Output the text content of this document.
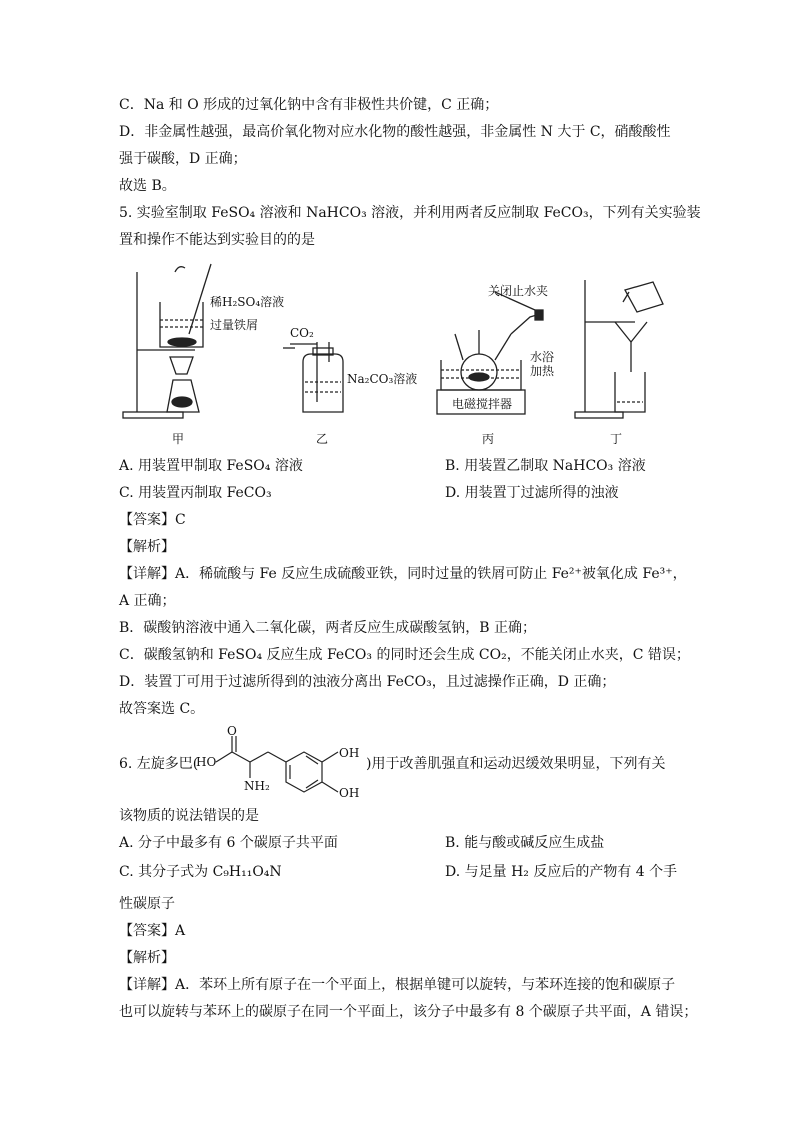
C．Na 和 O 形成的过氧化钠中含有非极性共价键，C 正确；
D．非金属性越强，最高价氧化物对应水化物的酸性越强，非金属性 N 大于 C，硝酸酸性
强于碳酸，D 正确；
故选 B。
5. 实验室制取 FeSO₄ 溶液和 NaHCO₃ 溶液，并利用两者反应制取 FeCO₃，下列有关实验装
置和操作不能达到实验目的的是
稀H₂SO₄溶液
过量铁屑
CO₂
Na₂CO₃溶液
关闭止水夹
水浴
加热
电磁搅拌器
甲	乙	丙	丁
A. 用装置甲制取 FeSO₄ 溶液	B. 用装置乙制取 NaHCO₃ 溶液
C. 用装置丙制取 FeCO₃	D. 用装置丁过滤所得的浊液
【答案】C
【解析】
【详解】A．稀硫酸与 Fe 反应生成硫酸亚铁，同时过量的铁屑可防止 Fe²⁺被氧化成 Fe³⁺，
A 正确；
B．碳酸钠溶液中通入二氧化碳，两者反应生成碳酸氢钠，B 正确；
C．碳酸氢钠和 FeSO₄ 反应生成 FeCO₃ 的同时还会生成 CO₂，不能关闭止水夹，C 错误；
D．装置丁可用于过滤所得到的浊液分离出 FeCO₃，且过滤操作正确，D 正确；
故答案选 C。
6. 左旋多巴(
HO
O
NH₂
OH
OH
)用于改善肌强直和运动迟缓效果明显，下列有关
该物质的说法错误的是
A. 分子中最多有 6 个碳原子共平面	B. 能与酸或碱反应生成盐
C. 其分子式为 C₉H₁₁O₄N	D. 与足量 H₂ 反应后的产物有 4 个手
性碳原子
【答案】A
【解析】
【详解】A．苯环上所有原子在一个平面上，根据单键可以旋转，与苯环连接的饱和碳原子
也可以旋转与苯环上的碳原子在同一个平面上，该分子中最多有 8 个碳原子共平面，A 错误；
